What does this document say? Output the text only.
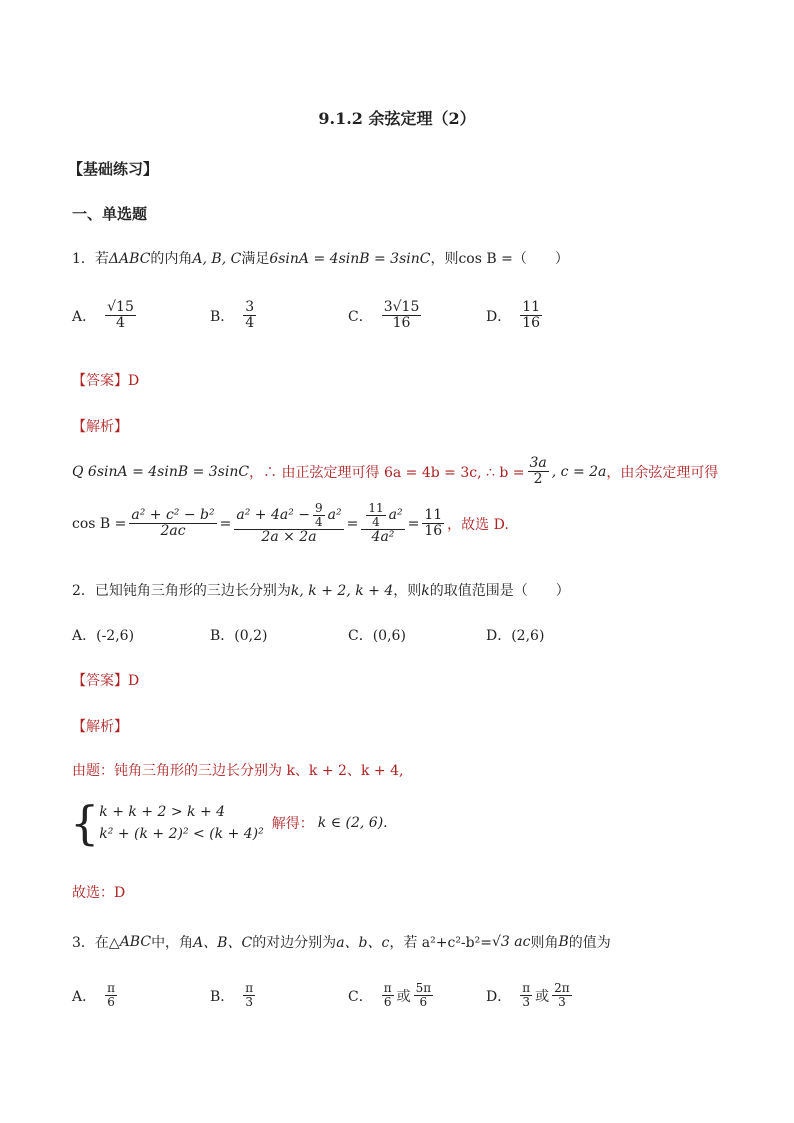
9.1.2 余弦定理（2）
【基础练习】
一、单选题
1．若ΔABC的内角A, B, C满足6sinA = 4sinB = 3sinC，则cos B =（　　）
A． $\frac{√15}{4}$	B． $\frac{3}{4}$	C． $\frac{3√15}{16}$	D． $\frac{11}{16}$
【答案】D
【解析】
Q 6sinA = 4sinB = 3sinC ，∴ 由正弦定理可得 6a = 4b = 3c, ∴ $b = \frac{3a}{2}$ , c = 2a ，由余弦定理可得
$\cos B = \frac{\text{a² + c² − b²}}{2ac} = \frac{a^2 + 4a^2 - \frac{9}{4} a^2}{2a \times 2a} = \frac{\frac{11}{4} a^2}{\text{4a²}} = \frac{11}{16}$ ，故选 D.
2．已知钝角三角形的三边长分别为k, k + 2, k + 4，则k的取值范围是（　　）
A．(-2,6)	B．(0,2)	C．(0,6)	D．(2,6)
【答案】D
【解析】
由题：钝角三角形的三边长分别为 k、k + 2、k + 4,
{ k + k + 2 > k + 4
k² + (k + 2)² < (k + 4)²
解得： k ∈ (2, 6).
故选：D
3．在△ ABC 中，角 A、B、C 的对边分别为 a、b、c ，若 a²+c²-b²= √3 ac 则角 B 的值为
A． $\frac{\pi}{6}$	B． $\frac{\pi}{3}$	C． $\frac{\pi}{6}$ 或 $\frac{5\pi}{6}$	D． $\frac{\pi}{3}$ 或 $\frac{2\pi}{3}$
